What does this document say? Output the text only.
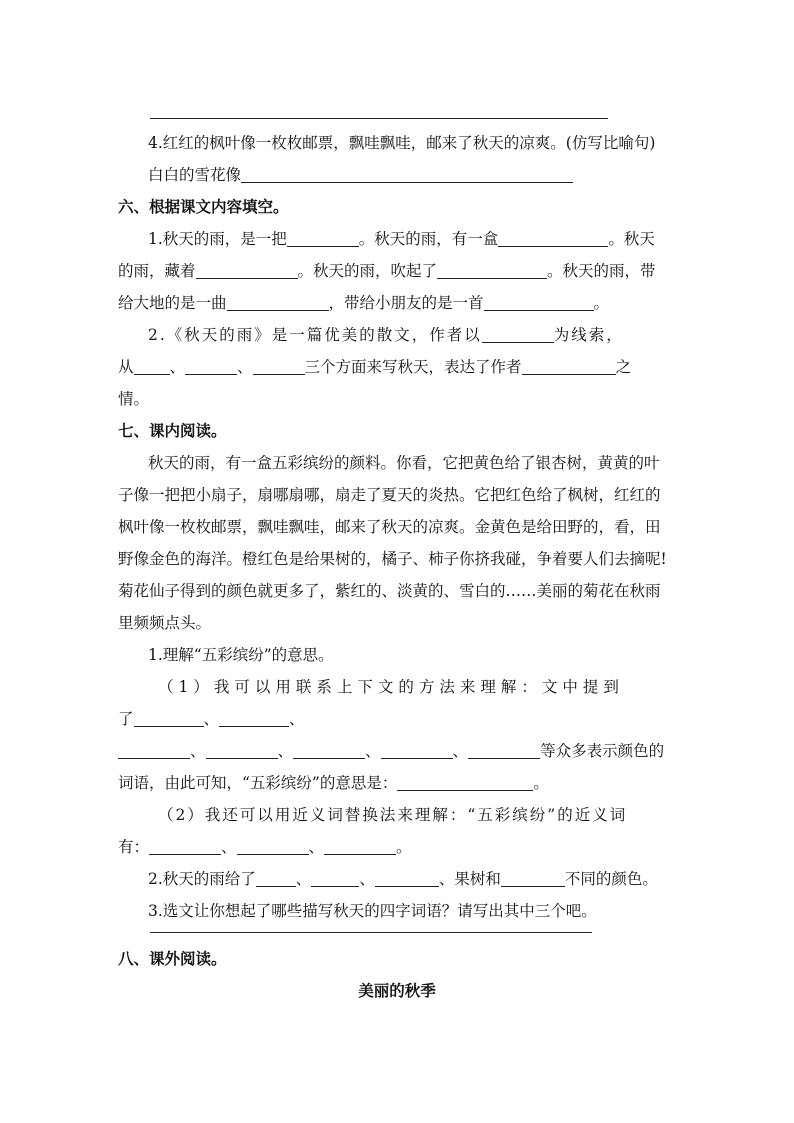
4.红红的枫叶像一枚枚邮票，飘哇飘哇，邮来了秋天的凉爽。(仿写比喻句)
白白的雪花像
六、根据课文内容填空。
1.秋天的雨，是一把	。秋天的雨，有一盒	。秋天
的雨，藏着	。秋天的雨，吹起了	。秋天的雨，带
给大地的是一曲	，带给小朋友的是一首	。
2.《秋天的雨》是一篇优美的散文，作者以	为线索，
从 、	、	三个方面来写秋天，表达了作者	之
情。
七、课内阅读。
秋天的雨，有一盒五彩缤纷的颜料。你看，它把黄色给了银杏树，黄黄的叶
子像一把把小扇子，扇哪扇哪，扇走了夏天的炎热。它把红色给了枫树，红红的
枫叶像一枚枚邮票，飘哇飘哇，邮来了秋天的凉爽。金黄色是给田野的，看，田
野像金色的海洋。橙红色是给果树的，橘子、柿子你挤我碰，争着要人们去摘呢!
菊花仙子得到的颜色就更多了，紫红的、淡黄的、雪白的……美丽的菊花在秋雨
里频频点头。
1.理解“五彩缤纷”的意思。
（1）我可以用联系上下文的方法来理解：文中提到
了	、	、
、	、	、	、	等众多表示颜色的
词语，由此可知，“五彩缤纷”的意思是：	。
（2）我还可以用近义词替换法来理解：“五彩缤纷”的近义词
有：	、	、	。
2.秋天的雨给了	、	、	、果树和	不同的颜色。
3.选文让你想起了哪些描写秋天的四字词语？请写出其中三个吧。
八、课外阅读。
美丽的秋季
